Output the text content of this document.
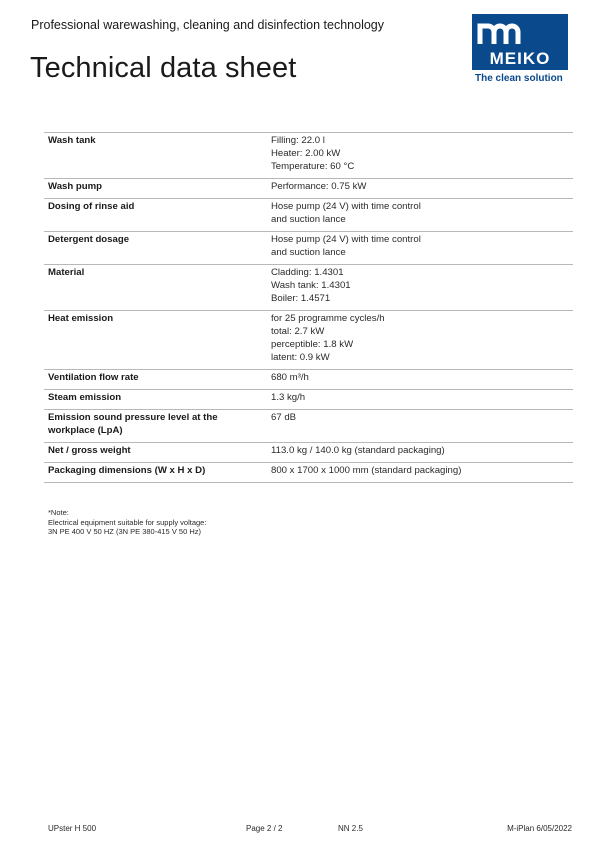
Professional warewashing, cleaning and disinfection technology
Technical data sheet	MEIKO
The clean solution
Wash tank	Filling: 22.0 l
Heater: 2.00 kW
Temperature: 60 °C

Wash pump	Performance: 0.75 kW

Dosing of rinse aid	Hose pump (24 V) with time control
and suction lance

Detergent dosage	Hose pump (24 V) with time control
and suction lance

Material	Cladding: 1.4301
Wash tank: 1.4301
Boiler: 1.4571

Heat emission	for 25 programme cycles/h
total: 2.7 kW
perceptible: 1.8 kW
latent: 0.9 kW

Ventilation flow rate	680 m³/h

Steam emission	1.3 kg/h

Emission sound pressure level at the workplace (LpA)	67 dB

Net / gross weight	113.0 kg / 140.0 kg (standard packaging)

Packaging dimensions (W x H x D)	800 x 1700 x 1000 mm (standard packaging)
*Note:
Electrical equipment suitable for supply voltage:
3N PE 400 V 50 HZ (3N PE 380-415 V 50 Hz)
UPster H 500	Page 2 / 2	NN 2.5	M-iPlan 6/05/2022
